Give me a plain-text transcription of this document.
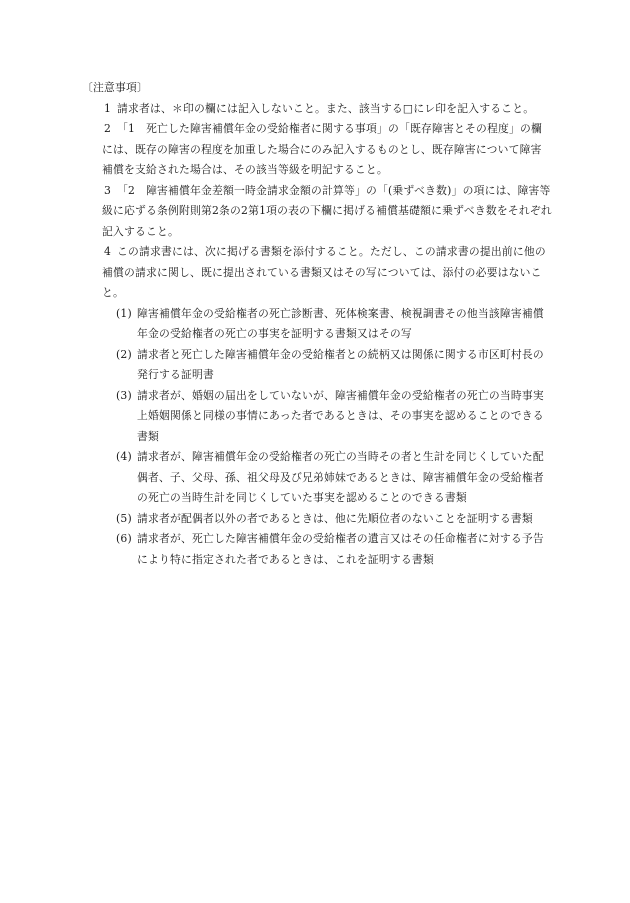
〔注意事項〕

1 請求者は、＊印の欄には記入しないこと。また、該当する□にレ印を記入すること。
2 「1　死亡した障害補償年金の受給権者に関する事項」の「既存障害とその程度」の欄には、既存の障害の程度を加重した場合にのみ記入するものとし、既存障害について障害補償を支給された場合は、その該当等級を明記すること。
3 「2　障害補償年金差額一時金請求金額の計算等」の「(乗ずべき数)」の項には、障害等級に応ずる条例附則第2条の2第1項の表の下欄に掲げる補償基礎額に乗ずべき数をそれぞれ記入すること。
4 この請求書には、次に掲げる書類を添付すること。ただし、この請求書の提出前に他の補償の請求に関し、既に提出されている書類又はその写については、添付の必要はないこと。
(1) 障害補償年金の受給権者の死亡診断書、死体検案書、検視調書その他当該障害補償年金の受給権者の死亡の事実を証明する書類又はその写
(2) 請求者と死亡した障害補償年金の受給権者との続柄又は関係に関する市区町村長の発行する証明書
(3) 請求者が、婚姻の届出をしていないが、障害補償年金の受給権者の死亡の当時事実上婚姻関係と同様の事情にあった者であるときは、その事実を認めることのできる書類
(4) 請求者が、障害補償年金の受給権者の死亡の当時その者と生計を同じくしていた配偶者、子、父母、孫、祖父母及び兄弟姉妹であるときは、障害補償年金の受給権者の死亡の当時生計を同じくしていた事実を認めることのできる書類
(5) 請求者が配偶者以外の者であるときは、他に先順位者のないことを証明する書類
(6) 請求者が、死亡した障害補償年金の受給権者の遺言又はその任命権者に対する予告により特に指定された者であるときは、これを証明する書類
